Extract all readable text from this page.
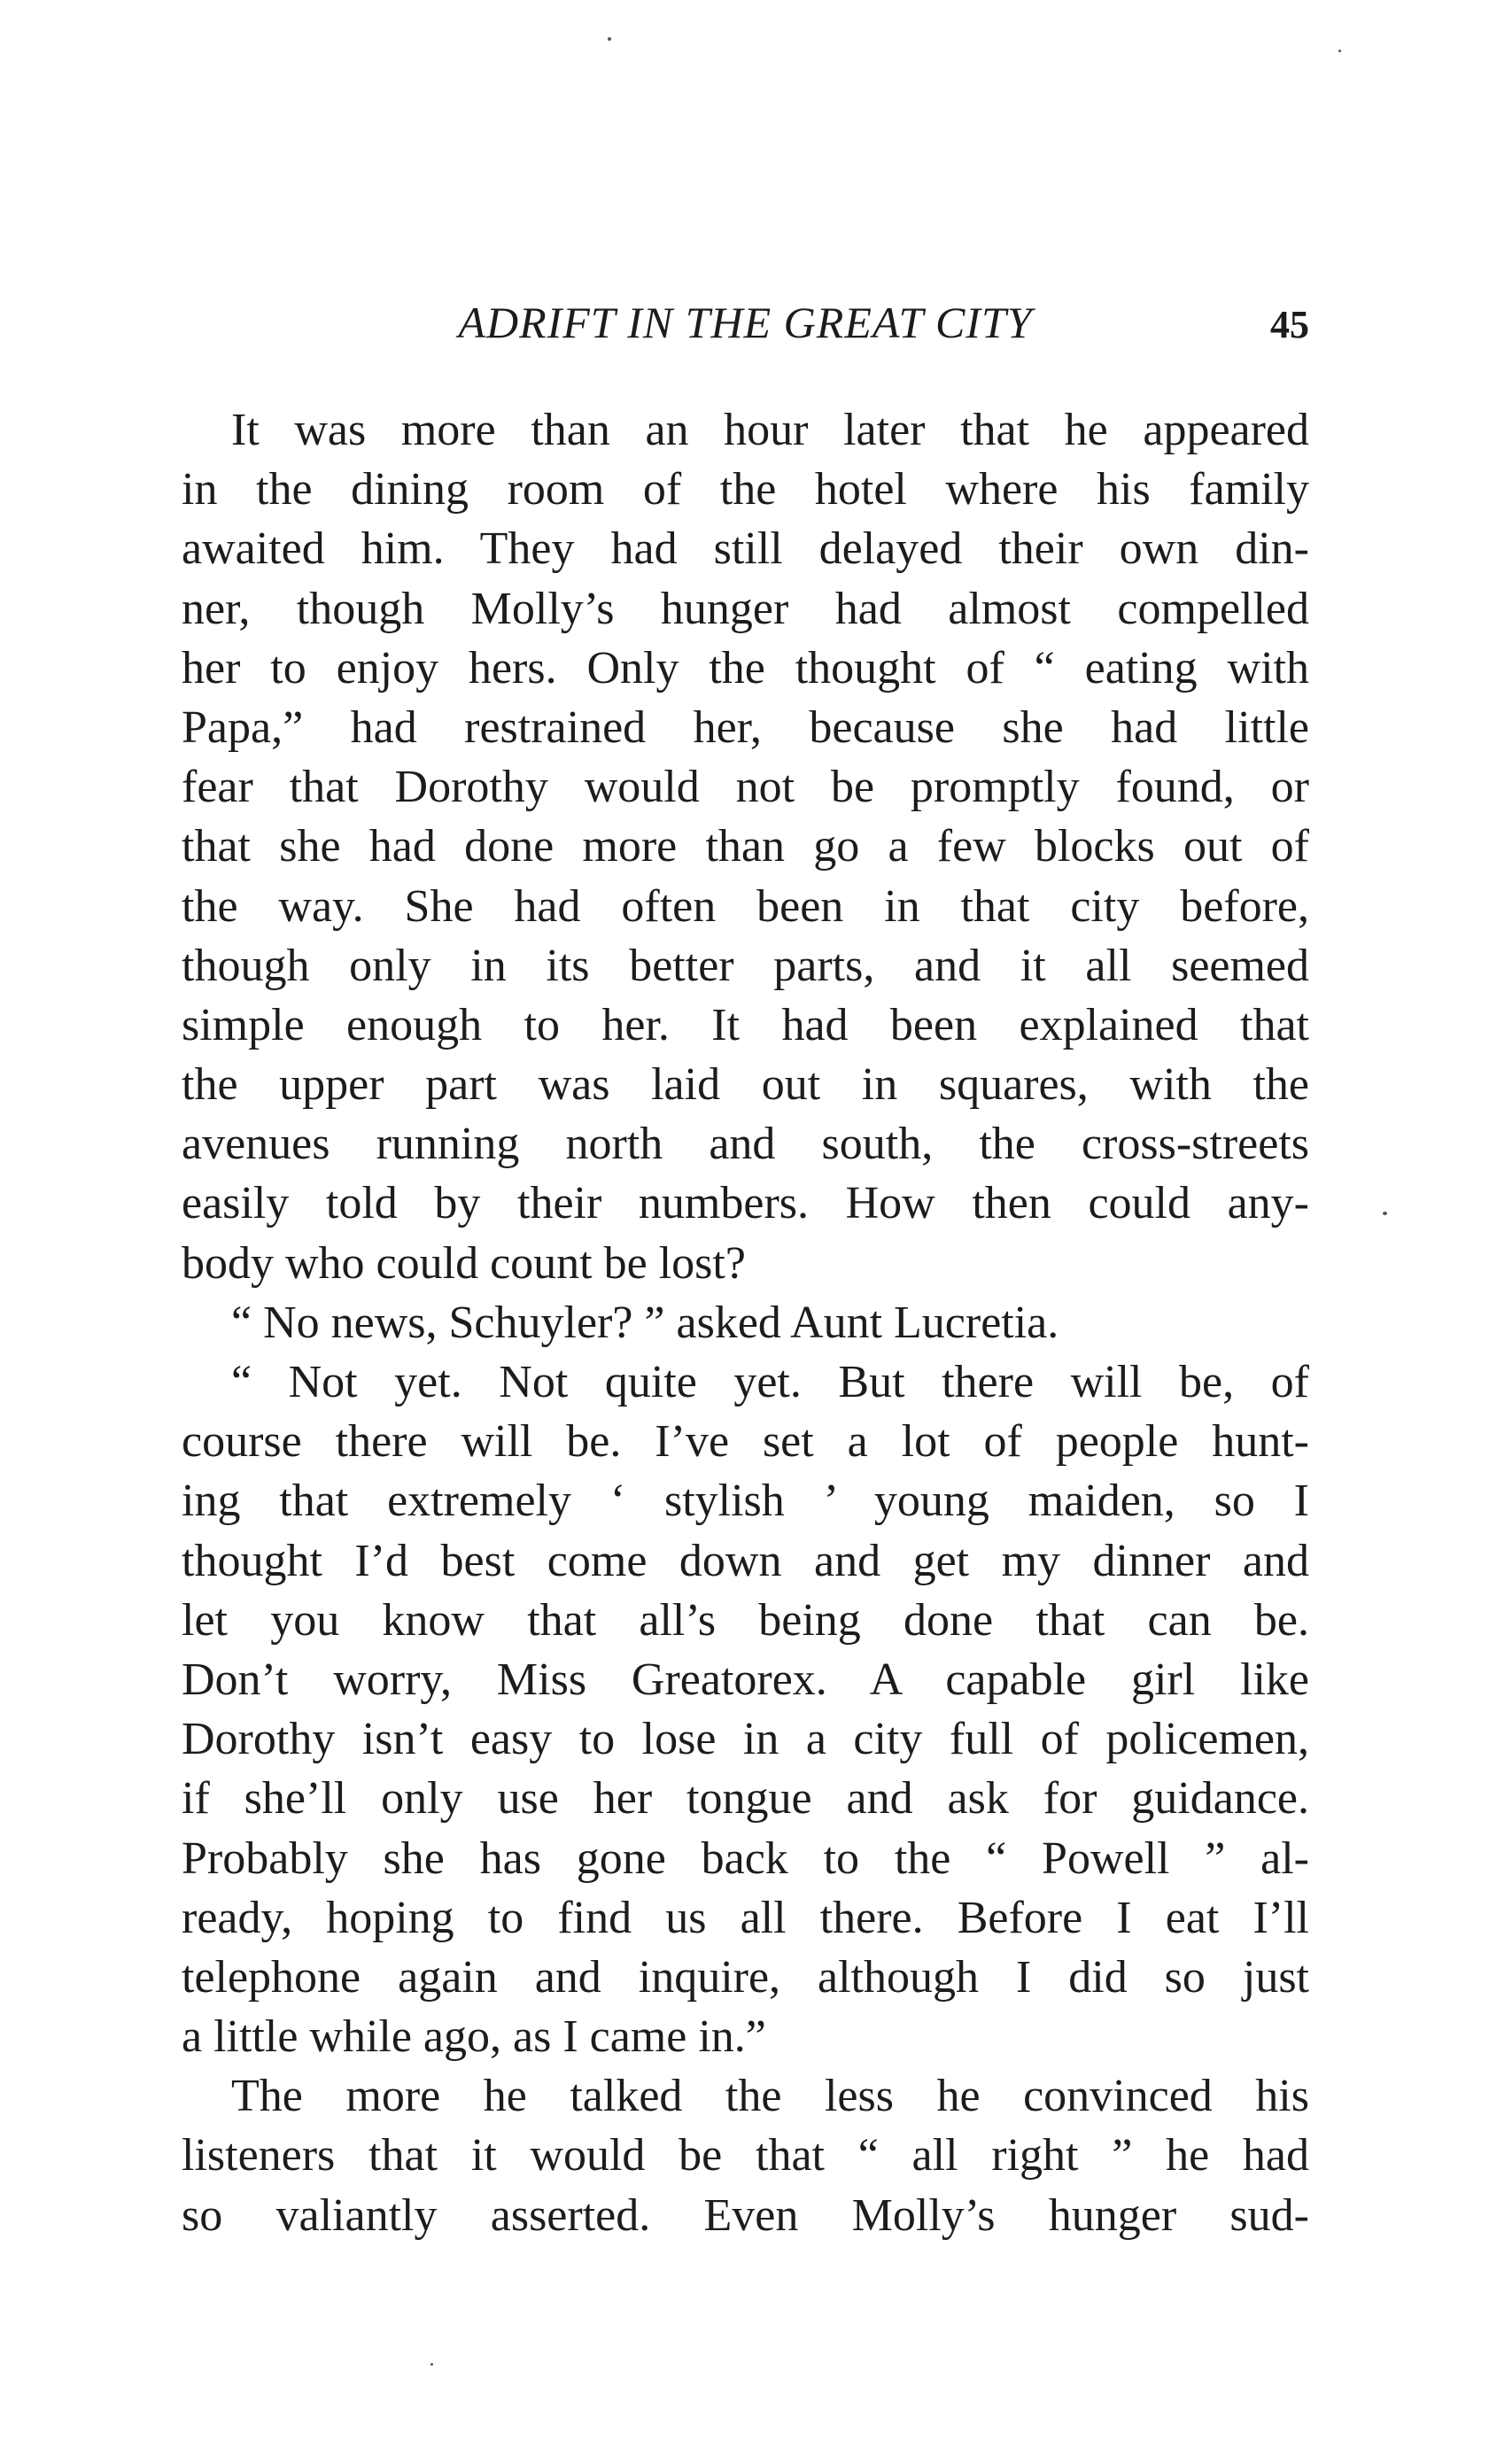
ADRIFT IN THE GREAT CITY	45
It was more than an hour later that he appeared
in the dining room of the hotel where his family
awaited him. They had still delayed their own din-
ner, though Molly’s hunger had almost compelled
her to enjoy hers. Only the thought of “ eating with
Papa,” had restrained her, because she had little
fear that Dorothy would not be promptly found, or
that she had done more than go a few blocks out of
the way. She had often been in that city before,
though only in its better parts, and it all seemed
simple enough to her. It had been explained that
the upper part was laid out in squares, with the
avenues running north and south, the cross-streets
easily told by their numbers. How then could any-
body who could count be lost?
“ No news, Schuyler? ” asked Aunt Lucretia.
“ Not yet. Not quite yet. But there will be, of
course there will be. I’ve set a lot of people hunt-
ing that extremely ‘ stylish ’ young maiden, so I
thought I’d best come down and get my dinner and
let you know that all’s being done that can be.
Don’t worry, Miss Greatorex. A capable girl like
Dorothy isn’t easy to lose in a city full of policemen,
if she’ll only use her tongue and ask for guidance.
Probably she has gone back to the “ Powell ” al-
ready, hoping to find us all there. Before I eat I’ll
telephone again and inquire, although I did so just
a little while ago, as I came in.”
The more he talked the less he convinced his
listeners that it would be that “ all right ” he had
so valiantly asserted. Even Molly’s hunger sud-
